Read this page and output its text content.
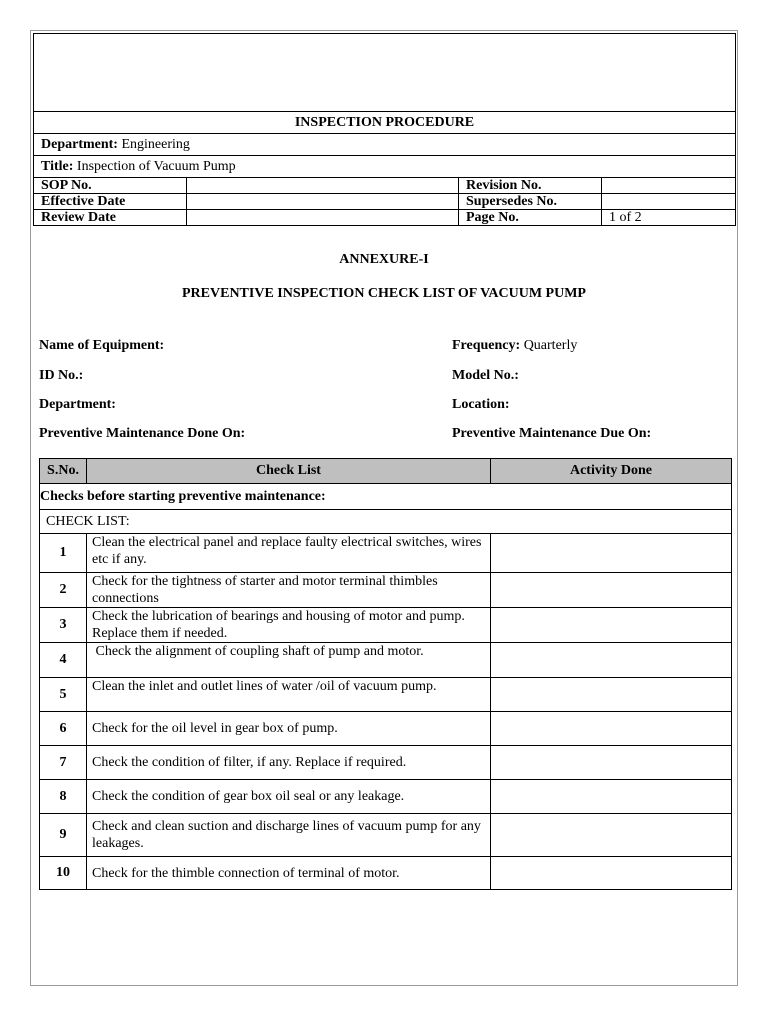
INSPECTION PROCEDURE			
Department: Engineering			
Title: Inspection of Vacuum Pump			
SOP No.		Revision No.	
Effective Date		Supersedes No.	
Review Date		Page No.	1 of 2
ANNEXURE-I
PREVENTIVE INSPECTION CHECK LIST OF VACUUM PUMP
Name of Equipment:	Frequency: Quarterly
ID No.:	Model No.:
Department:	Location:
Preventive Maintenance Done On:	Preventive Maintenance Due On:
S.No.	Check List	Activity Done
Checks before starting preventive maintenance:		
CHECK LIST:		
1	Clean the electrical panel and replace faulty electrical switches, wires etc if any.	
2	Check for the tightness of starter and motor terminal thimbles connections	
3	Check the lubrication of bearings and housing of motor and pump. Replace them if needed.	
4	Check the alignment of coupling shaft of pump and motor.	
5	Clean the inlet and outlet lines of water /oil of vacuum pump.	
6	Check for the oil level in gear box of pump.	
7	Check the condition of filter, if any. Replace if required.	
8	Check the condition of gear box oil seal or any leakage.	
9	Check and clean suction and discharge lines of vacuum pump for any leakages.	
10	Check for the thimble connection of terminal of motor.	
